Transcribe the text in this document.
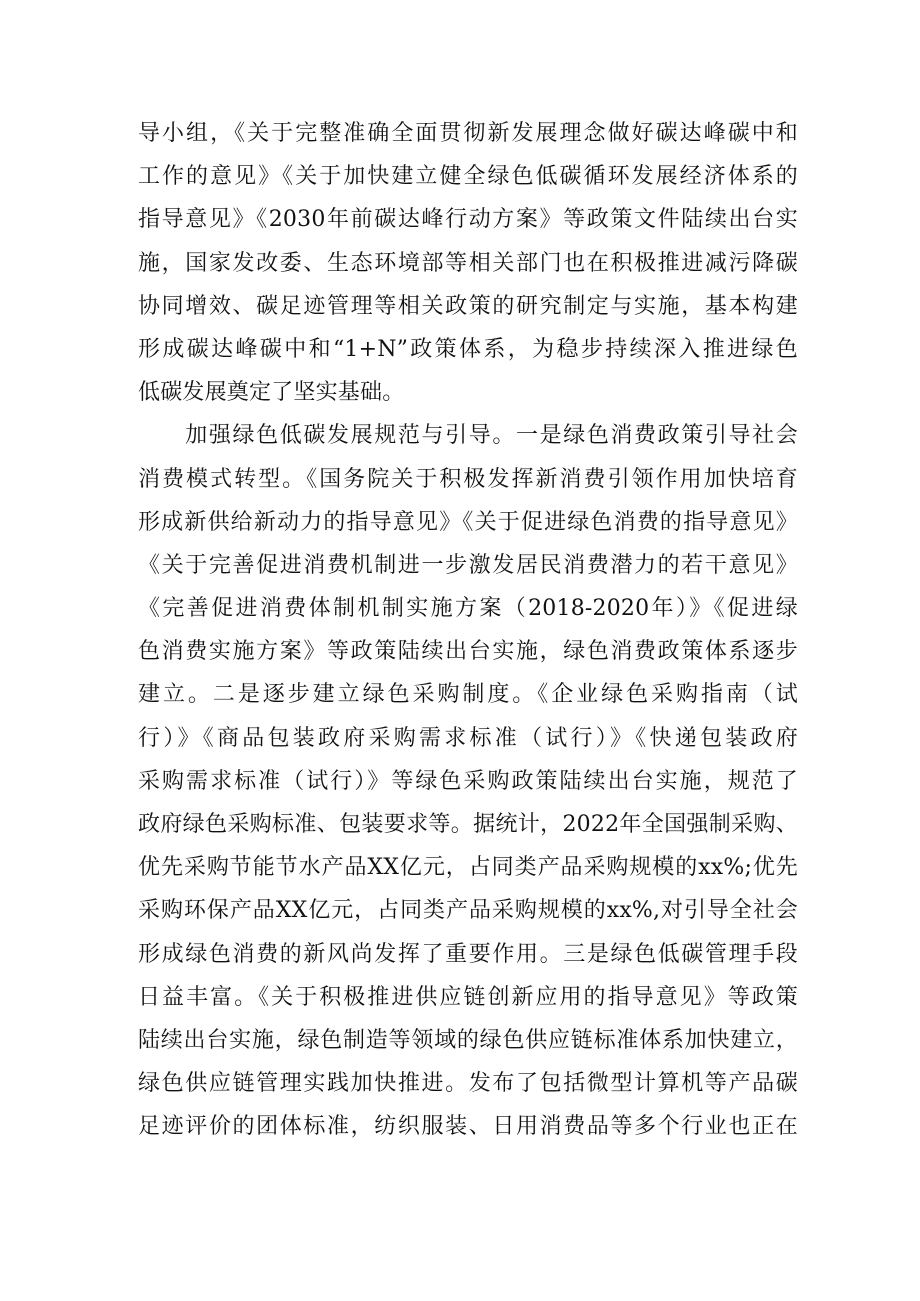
导小组，《关于完整准确全面贯彻新发展理念做好碳达峰碳中和
工作的意见》《关于加快建立健全绿色低碳循环发展经济体系的
指导意见》《2030年前碳达峰行动方案》等政策文件陆续出台实
施，国家发改委、生态环境部等相关部门也在积极推进减污降碳
协同增效、碳足迹管理等相关政策的研究制定与实施，基本构建
形成碳达峰碳中和“1+N”政策体系，为稳步持续深入推进绿色
低碳发展奠定了坚实基础。
　　加强绿色低碳发展规范与引导。一是绿色消费政策引导社会
消费模式转型。《国务院关于积极发挥新消费引领作用加快培育
形成新供给新动力的指导意见》《关于促进绿色消费的指导意见》
《关于完善促进消费机制进一步激发居民消费潜力的若干意见》
《完善促进消费体制机制实施方案（2018-2020年）》《促进绿
色消费实施方案》等政策陆续出台实施，绿色消费政策体系逐步
建立。二是逐步建立绿色采购制度。《企业绿色采购指南（试
行）》《商品包装政府采购需求标准（试行）》《快递包装政府
采购需求标准（试行）》等绿色采购政策陆续出台实施，规范了
政府绿色采购标准、包装要求等。据统计，2022年全国强制采购、
优先采购节能节水产品XX亿元，占同类产品采购规模的xx%;优先
采购环保产品XX亿元，占同类产品采购规模的xx%,对引导全社会
形成绿色消费的新风尚发挥了重要作用。三是绿色低碳管理手段
日益丰富。《关于积极推进供应链创新应用的指导意见》等政策
陆续出台实施，绿色制造等领域的绿色供应链标准体系加快建立，
绿色供应链管理实践加快推进。发布了包括微型计算机等产品碳
足迹评价的团体标准，纺织服装、日用消费品等多个行业也正在
